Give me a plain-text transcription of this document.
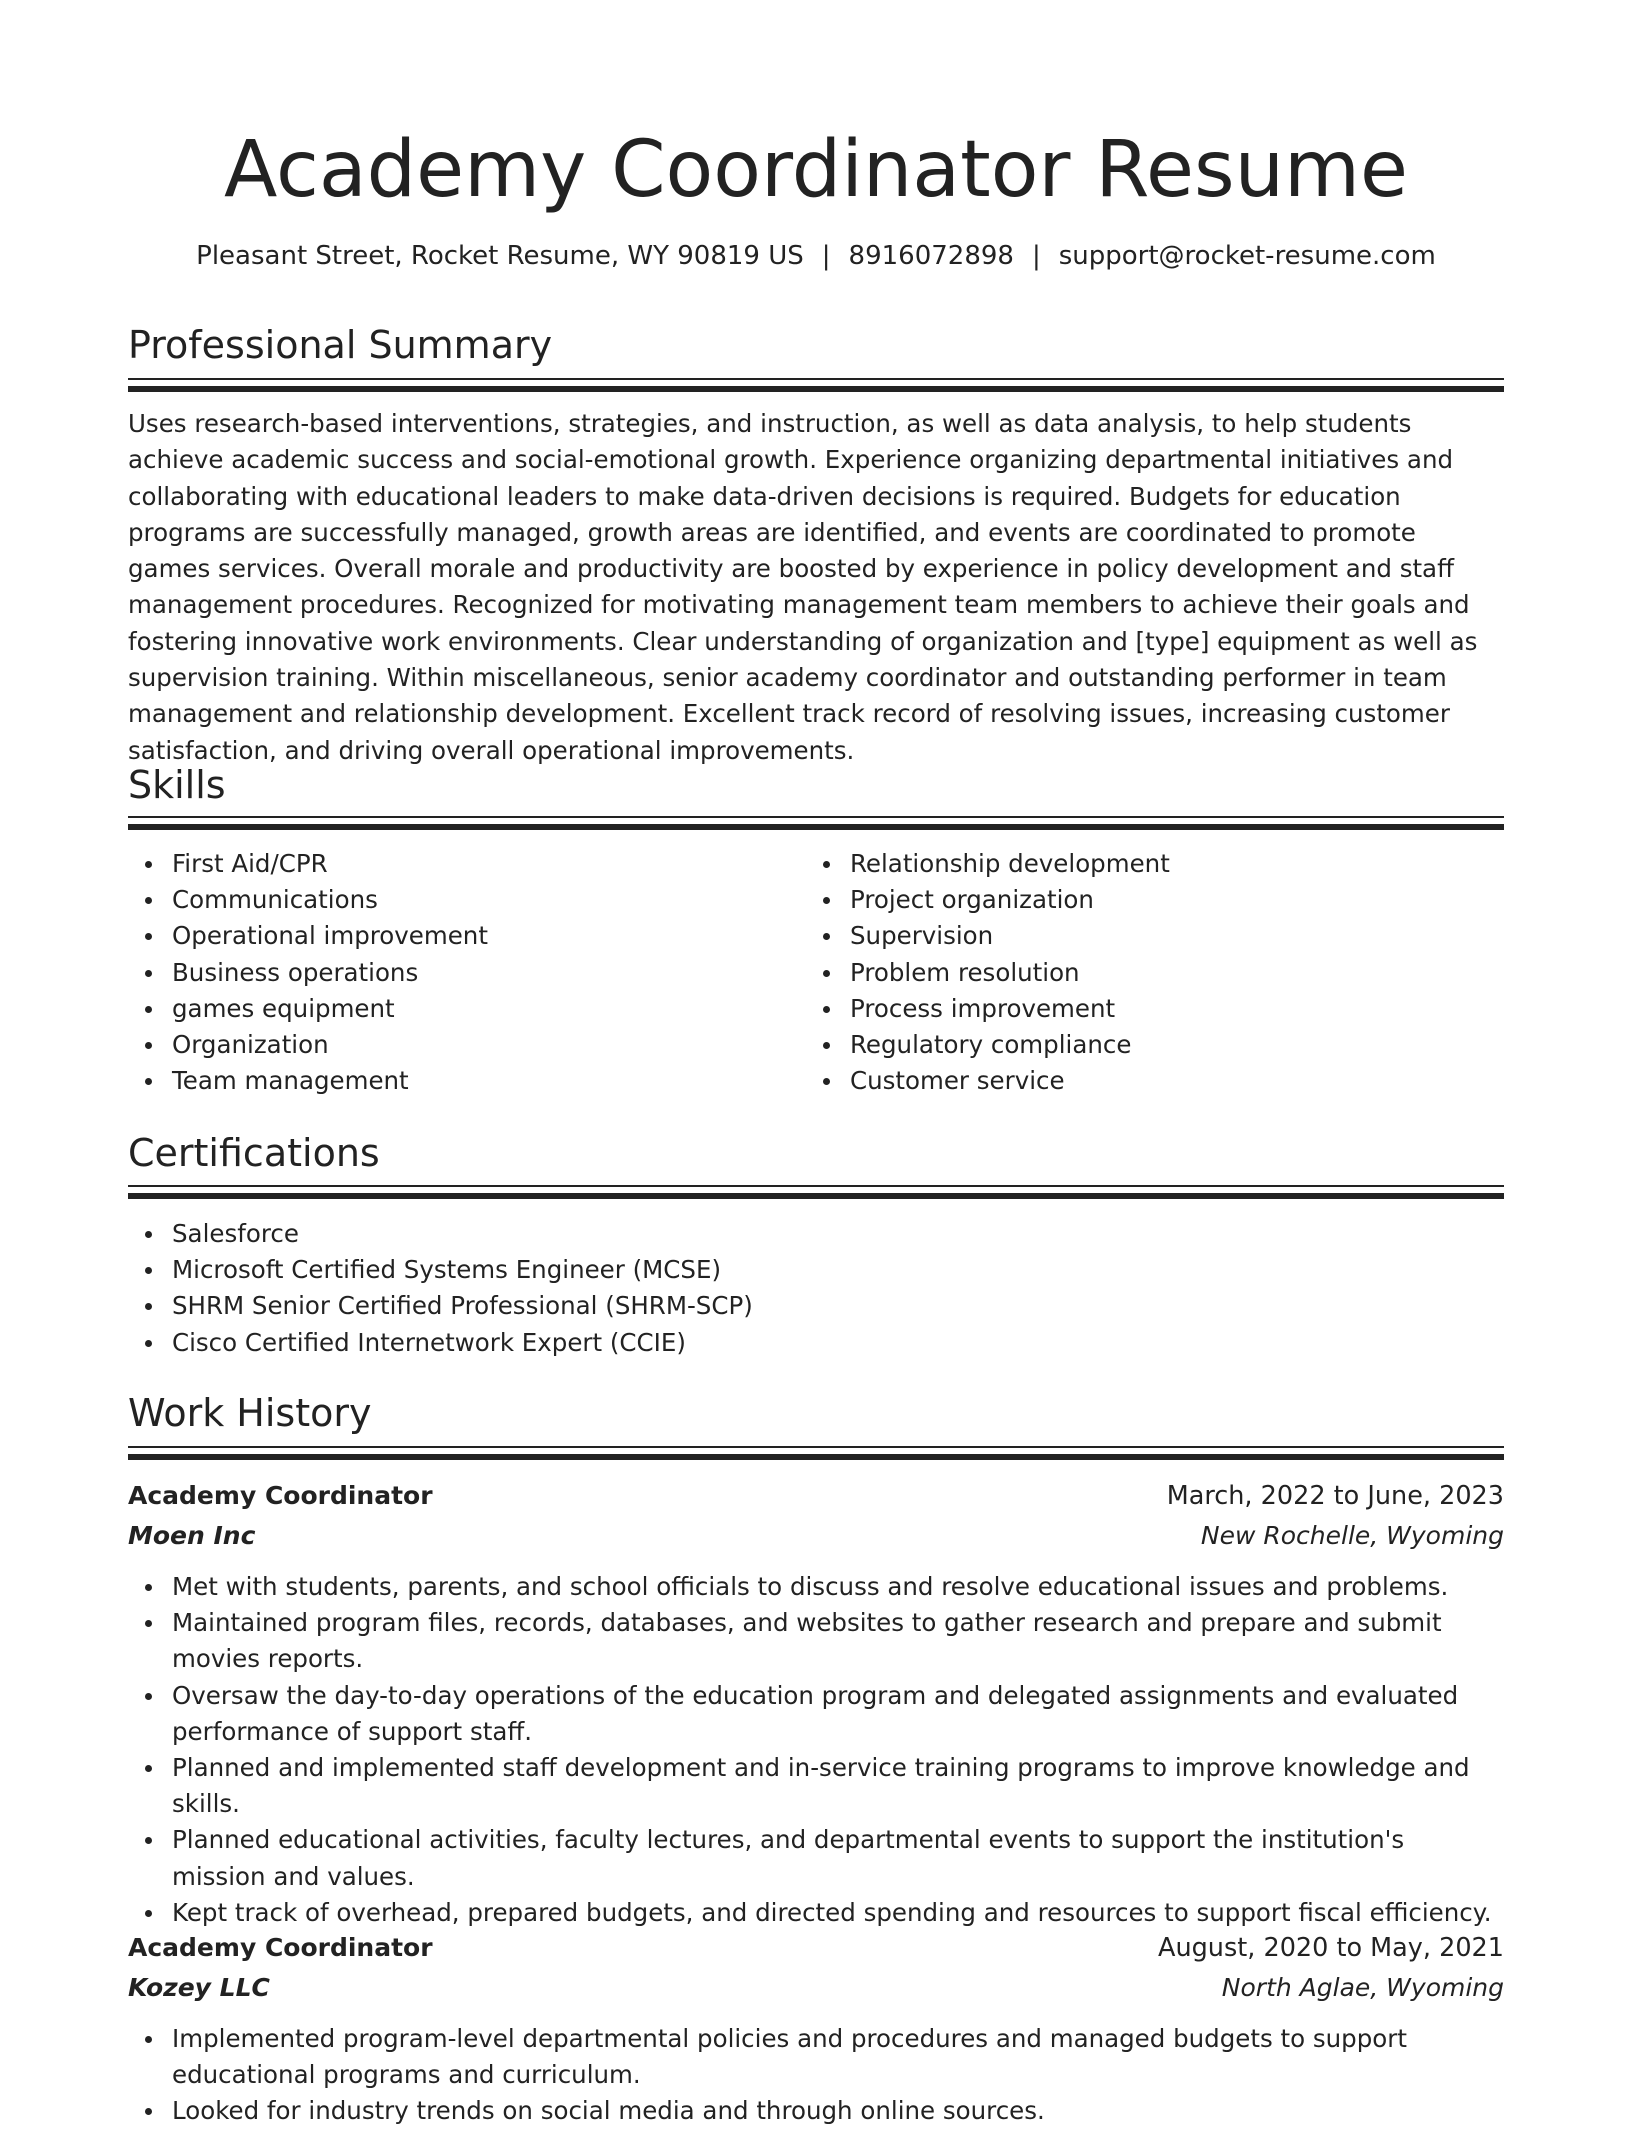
Academy Coordinator Resume
Pleasant Street, Rocket Resume, WY 90819 US | 8916072898 | support@rocket-resume.com
Professional Summary

Uses research-based interventions, strategies, and instruction, as well as data analysis, to help students achieve academic success and social-emotional growth. Experience organizing departmental initiatives and collaborating with educational leaders to make data-driven decisions is required. Budgets for education programs are successfully managed, growth areas are identified, and events are coordinated to promote games services. Overall morale and productivity are boosted by experience in policy development and staff management procedures. Recognized for motivating management team members to achieve their goals and fostering innovative work environments. Clear understanding of organization and [type] equipment as well as supervision training. Within miscellaneous, senior academy coordinator and outstanding performer in team management and relationship development. Excellent track record of resolving issues, increasing customer satisfaction, and driving overall operational improvements.

Skills
First Aid/CPR
Communications
Operational improvement
Business operations
games equipment
Organization
Team management
Relationship development
Project organization
Supervision
Problem resolution
Process improvement
Regulatory compliance
Customer service
Certifications
Salesforce
Microsoft Certified Systems Engineer (MCSE)
SHRM Senior Certified Professional (SHRM-SCP)
Cisco Certified Internetwork Expert (CCIE)
Work History
Academy Coordinator	March, 2022 to June, 2023
Moen Inc	New Rochelle, Wyoming
Met with students, parents, and school officials to discuss and resolve educational issues and problems.
Maintained program files, records, databases, and websites to gather research and prepare and submit movies reports.
Oversaw the day-to-day operations of the education program and delegated assignments and evaluated performance of support staff.
Planned and implemented staff development and in-service training programs to improve knowledge and skills.
Planned educational activities, faculty lectures, and departmental events to support the institution's mission and values.
Kept track of overhead, prepared budgets, and directed spending and resources to support fiscal efficiency.
Academy Coordinator	August, 2020 to May, 2021
Kozey LLC	North Aglae, Wyoming
Implemented program-level departmental policies and procedures and managed budgets to support educational programs and curriculum.
Looked for industry trends on social media and through online sources.
